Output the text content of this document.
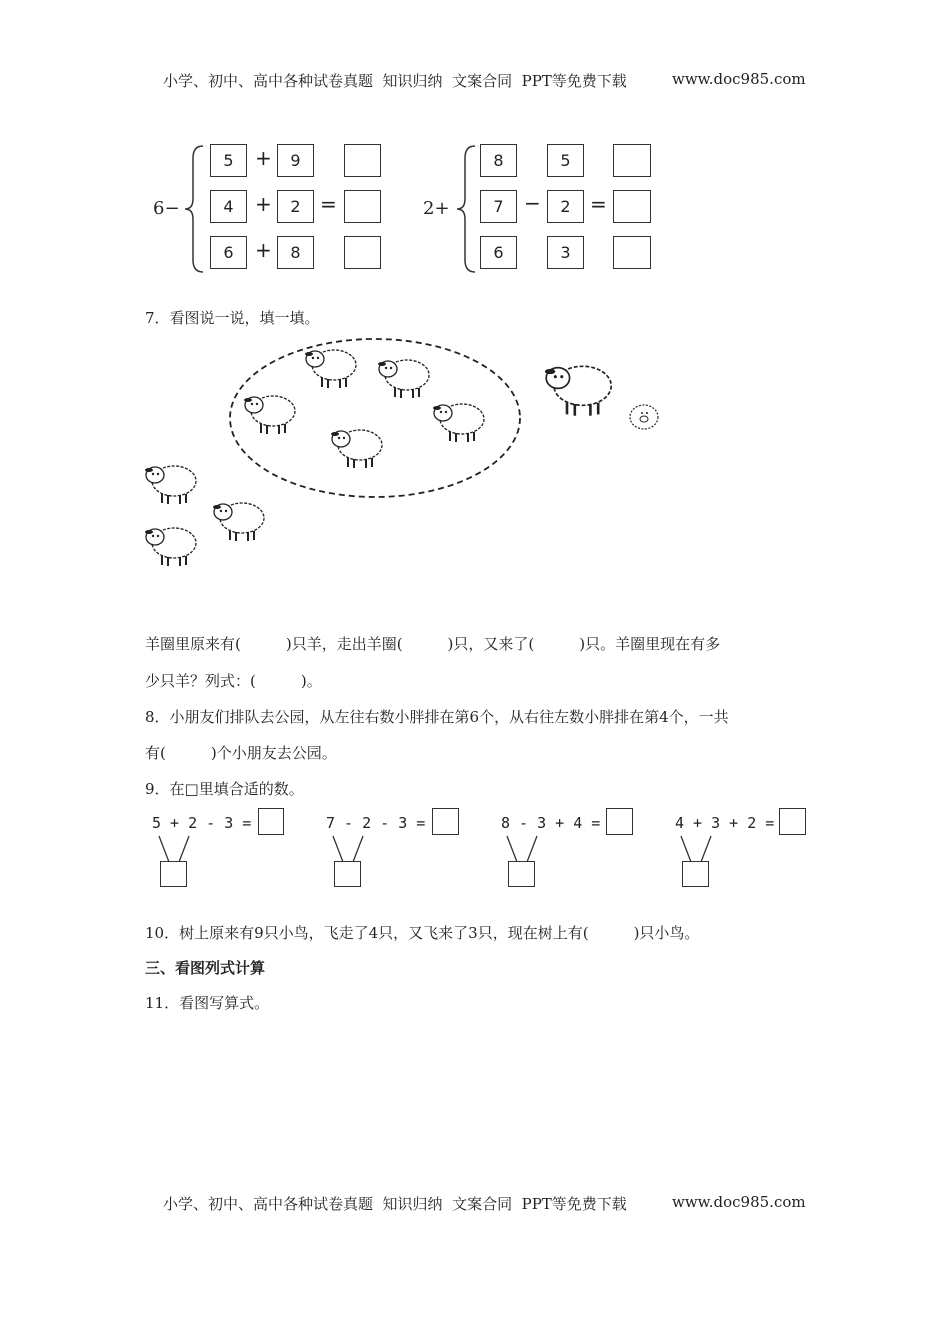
小学、初中、高中各种试卷真题  知识归纳  文案合同  PPT等免费下载	www.doc985.com
6−
5	+	9
4	+	2 =
6	+	8
2+
8	5
7	−	2 =
6	3
7．看图说一说，填一填。
羊圈里原来有(　　　)只羊，走出羊圈(　　　)只，又来了(　　　)只。羊圈里现在有多
少只羊？列式：(　　　)。
8．小朋友们排队去公园，从左往右数小胖排在第6个，从右往左数小胖排在第4个，一共
有(　　　)个小朋友去公园。
9．在□里填合适的数。
5 + 2 - 3 =	7 - 2 - 3 =	8 - 3 + 4 =	4 + 3 + 2 =
10．树上原来有9只小鸟，飞走了4只，又飞来了3只，现在树上有(　　　)只小鸟。
三、看图列式计算
11．看图写算式。
小学、初中、高中各种试卷真题  知识归纳  文案合同  PPT等免费下载	www.doc985.com
